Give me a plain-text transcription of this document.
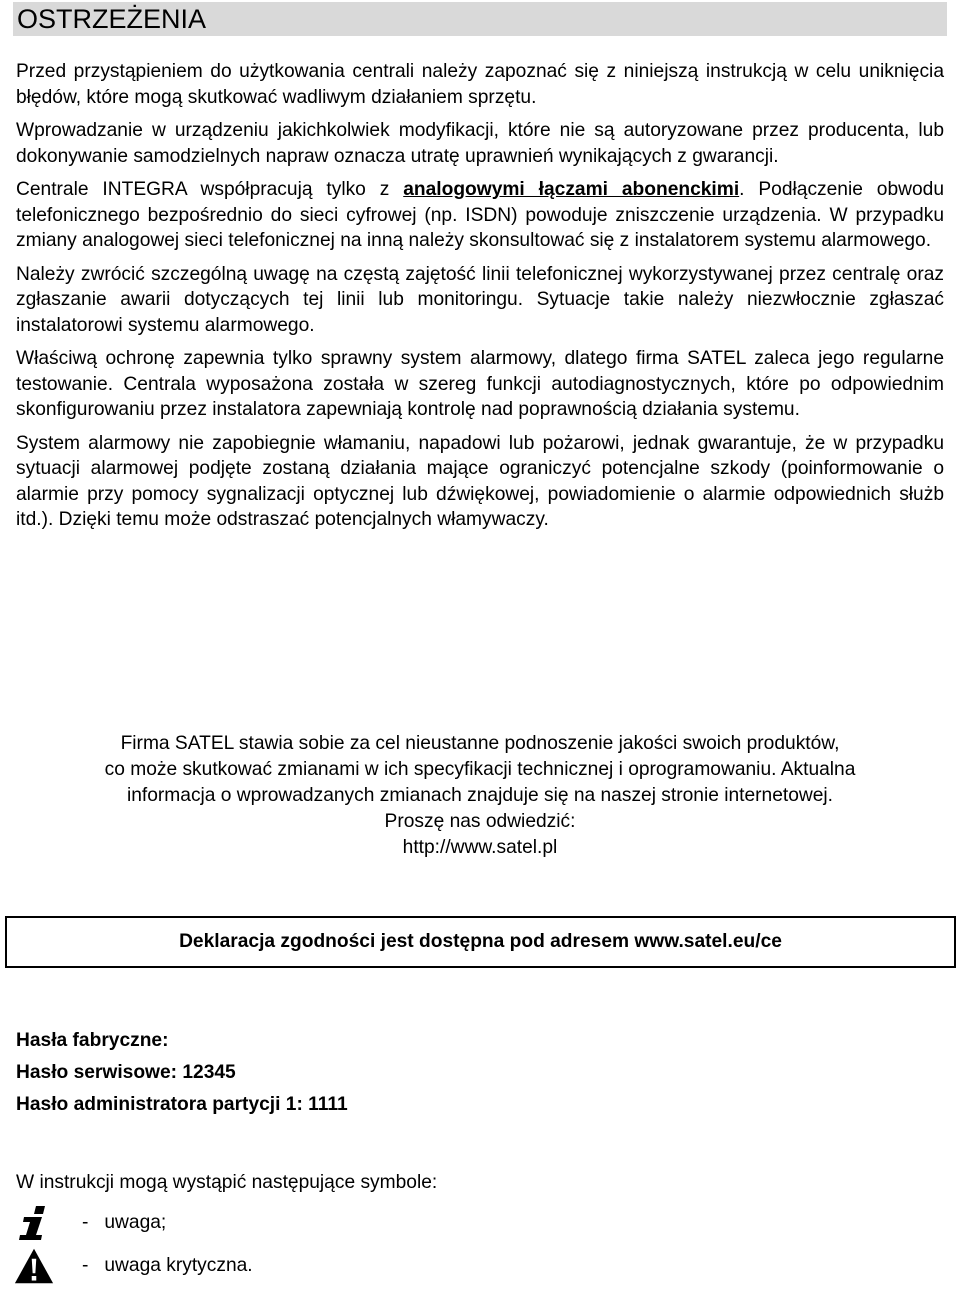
OSTRZEŻENIA

Przed przystąpieniem do użytkowania centrali należy zapoznać się z niniejszą instrukcją w celu uniknięcia błędów, które mogą skutkować wadliwym działaniem sprzętu.

Wprowadzanie w urządzeniu jakichkolwiek modyfikacji, które nie są autoryzowane przez producenta, lub dokonywanie samodzielnych napraw oznacza utratę uprawnień wynikających z gwarancji.

Centrale INTEGRA współpracują tylko z analogowymi łączami abonenckimi. Podłączenie obwodu telefonicznego bezpośrednio do sieci cyfrowej (np. ISDN) powoduje zniszczenie urządzenia. W przypadku zmiany analogowej sieci telefonicznej na inną należy skonsultować się z instalatorem systemu alarmowego.

Należy zwrócić szczególną uwagę na częstą zajętość linii telefonicznej wykorzystywanej przez centralę oraz zgłaszanie awarii dotyczących tej linii lub monitoringu. Sytuacje takie należy niezwłocznie zgłaszać instalatorowi systemu alarmowego.

Właściwą ochronę zapewnia tylko sprawny system alarmowy, dlatego firma SATEL zaleca jego regularne testowanie. Centrala wyposażona została w szereg funkcji autodiagnostycznych, które po odpowiednim skonfigurowaniu przez instalatora zapewniają kontrolę nad poprawnością działania systemu.

System alarmowy nie zapobiegnie włamaniu, napadowi lub pożarowi, jednak gwarantuje, że w przypadku sytuacji alarmowej podjęte zostaną działania mające ograniczyć potencjalne szkody (poinformowanie o alarmie przy pomocy sygnalizacji optycznej lub dźwiękowej, powiadomienie o alarmie odpowiednich służb itd.). Dzięki temu może odstraszać potencjalnych włamywaczy.

Firma SATEL stawia sobie za cel nieustanne podnoszenie jakości swoich produktów,
co może skutkować zmianami w ich specyfikacji technicznej i oprogramowaniu. Aktualna
informacja o wprowadzanych zmianach znajduje się na naszej stronie internetowej.
Proszę nas odwiedzić:
http://www.satel.pl
Deklaracja zgodności jest dostępna pod adresem www.satel.eu/ce
Hasła fabryczne:
Hasło serwisowe: 12345
Hasło administratora partycji 1: 1111
W instrukcji mogą wystąpić następujące symbole:
-   uwaga;
-   uwaga krytyczna.
